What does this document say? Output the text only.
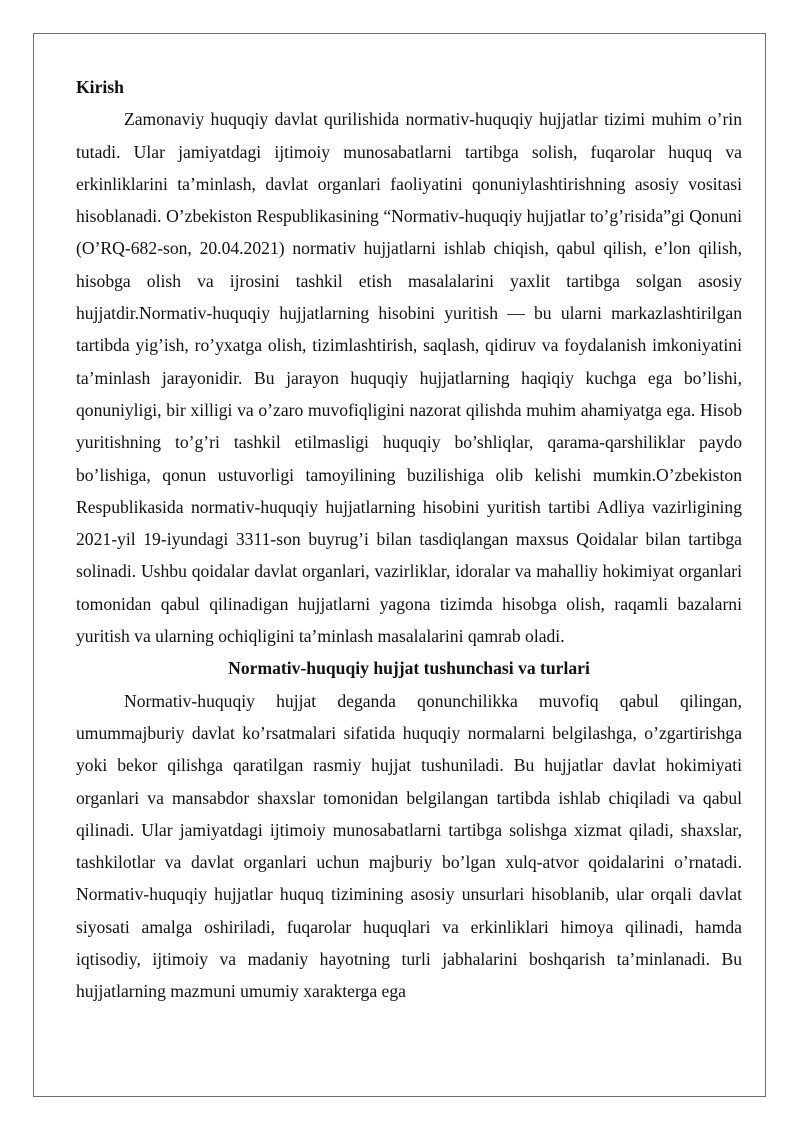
Kirish

Zamonaviy huquqiy davlat qurilishida normativ-huquqiy hujjatlar tizimi muhim o’rin tutadi. Ular jamiyatdagi ijtimoiy munosabatlarni tartibga solish, fuqarolar huquq va erkinliklarini ta’minlash, davlat organlari faoliyatini qonuniylashtirishning asosiy vositasi hisoblanadi. O’zbekiston Respublikasining “Normativ-huquqiy hujjatlar to’g’risida”gi Qonuni (O’RQ-682-son, 20.04.2021) normativ hujjatlarni ishlab chiqish, qabul qilish, e’lon qilish, hisobga olish va ijrosini tashkil etish masalalarini yaxlit tartibga solgan asosiy hujjatdir.Normativ-huquqiy hujjatlarning hisobini yuritish — bu ularni markazlashtirilgan tartibda yig’ish, ro’yxatga olish, tizimlashtirish, saqlash, qidiruv va foydalanish imkoniyatini ta’minlash jarayonidir. Bu jarayon huquqiy hujjatlarning haqiqiy kuchga ega bo’lishi, qonuniyligi, bir xilligi va o’zaro muvofiqligini nazorat qilishda muhim ahamiyatga ega. Hisob yuritishning to’g’ri tashkil etilmasligi huquqiy bo’shliqlar, qarama-qarshiliklar paydo bo’lishiga, qonun ustuvorligi tamoyilining buzilishiga olib kelishi mumkin.O’zbekiston Respublikasida normativ-huquqiy hujjatlarning hisobini yuritish tartibi Adliya vazirligining 2021-yil 19-iyundagi 3311-son buyrug’i bilan tasdiqlangan maxsus Qoidalar bilan tartibga solinadi. Ushbu qoidalar davlat organlari, vazirliklar, idoralar va mahalliy hokimiyat organlari tomonidan qabul qilinadigan hujjatlarni yagona tizimda hisobga olish, raqamli bazalarni yuritish va ularning ochiqligini ta’minlash masalalarini qamrab oladi.

Normativ-huquqiy hujjat tushunchasi va turlari

Normativ-huquqiy hujjat deganda qonunchilikka muvofiq qabul qilingan, umummajburiy davlat ko’rsatmalari sifatida huquqiy normalarni belgilashga, o’zgartirishga yoki bekor qilishga qaratilgan rasmiy hujjat tushuniladi. Bu hujjatlar davlat hokimiyati organlari va mansabdor shaxslar tomonidan belgilangan tartibda ishlab chiqiladi va qabul qilinadi. Ular jamiyatdagi ijtimoiy munosabatlarni tartibga solishga xizmat qiladi, shaxslar, tashkilotlar va davlat organlari uchun majburiy bo’lgan xulq-atvor qoidalarini o’rnatadi. Normativ-huquqiy hujjatlar huquq tizimining asosiy unsurlari hisoblanib, ular orqali davlat siyosati amalga oshiriladi, fuqarolar huquqlari va erkinliklari himoya qilinadi, hamda iqtisodiy, ijtimoiy va madaniy hayotning turli jabhalarini boshqarish ta’minlanadi. Bu hujjatlarning mazmuni umumiy xarakterga ega
